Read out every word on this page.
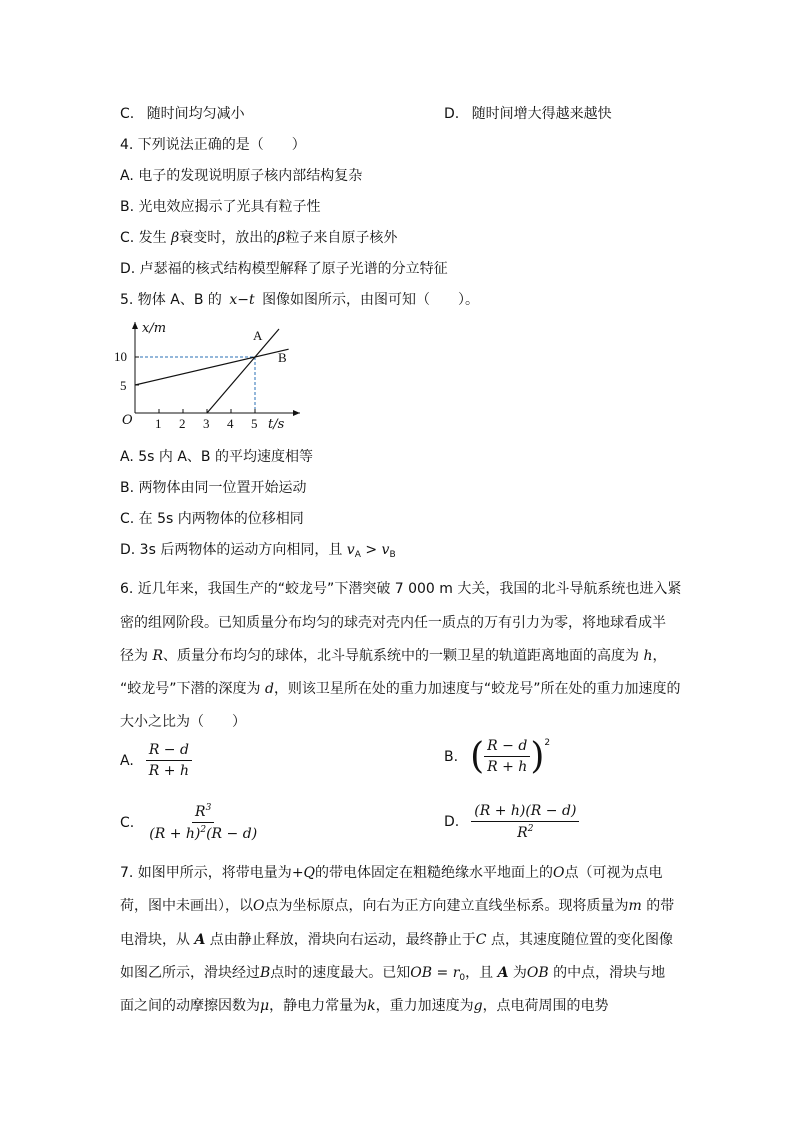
C. 随时间均匀减小	D. 随时间增大得越来越快
4. 下列说法正确的是（　　）
A. 电子的发现说明原子核内部结构复杂
B. 光电效应揭示了光具有粒子性
C. 发生 β衰变时，放出的β粒子来自原子核外
D. 卢瑟福的核式结构模型解释了原子光谱的分立特征
5. 物体 A、B 的 x−t 图像如图所示，由图可知（　　）。
x/m
t/s
O
5
10
1 2 3 4 5
A
B
A. 5s 内 A、B 的平均速度相等
B. 两物体由同一位置开始运动
C. 在 5s 内两物体的位移相同
D. 3s 后两物体的运动方向相同，且 $v_A > v_B$
6. 近几年来，我国生产的“蛟龙号”下潜突破 7 000 m 大关，我国的北斗导航系统也进入紧
密的组网阶段。已知质量分布均匀的球壳对壳内任一质点的万有引力为零，将地球看成半
径为 R、质量分布均匀的球体，北斗导航系统中的一颗卫星的轨道距离地面的高度为 h，
“蛟龙号”下潜的深度为 d，则该卫星所在处的重力加速度与“蛟龙号”所在处的重力加速度的
大小之比为（　　）
A. $\frac{R - d}{R + h}$	B. ( $\frac{R - d}{R + h}$ ) 2
C. $\frac{R^3}{(R + h)^2(R - d)}$	D. $\frac{(R + h)(R - d)}{R^2}$
7. 如图甲所示，将带电量为+Q的带电体固定在粗糙绝缘水平地面上的O点（可视为点电
荷，图中未画出），以O点为坐标原点，向右为正方向建立直线坐标系。现将质量为m 的带
电滑块，从 A 点由静止释放，滑块向右运动，最终静止于C 点，其速度随位置的变化图像
如图乙所示，滑块经过B点时的速度最大。已知OB = $r_0$，且 A 为OB 的中点，滑块与地
面之间的动摩擦因数为μ，静电力常量为k，重力加速度为g，点电荷周围的电势
